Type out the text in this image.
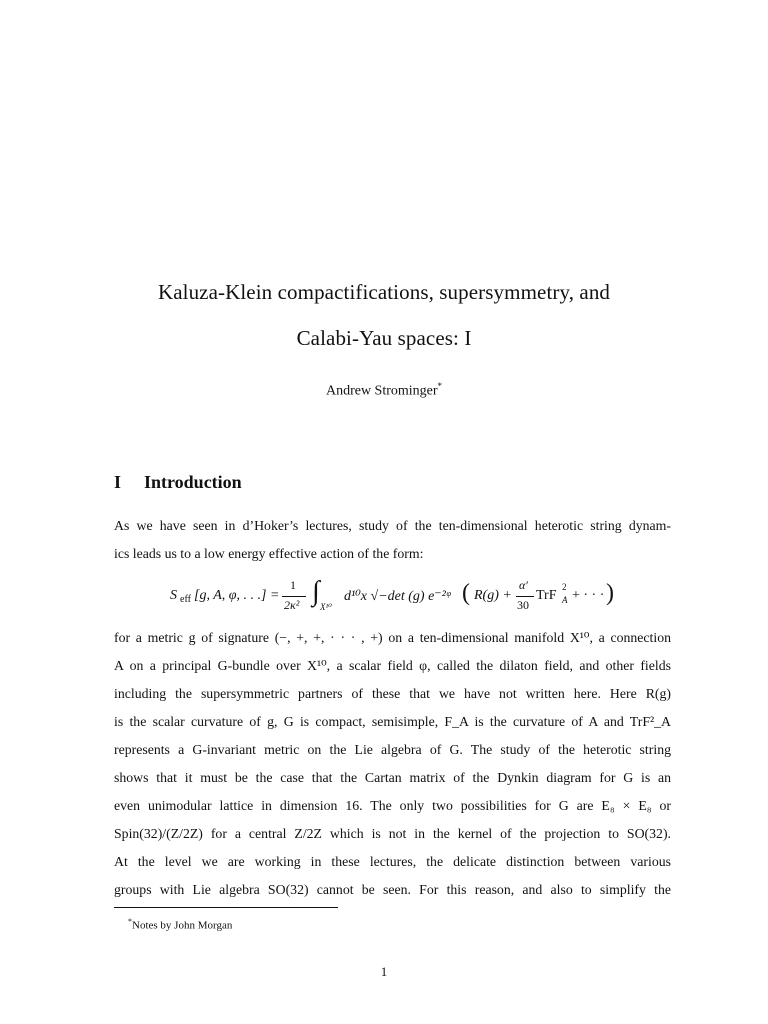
Kaluza-Klein compactifications, supersymmetry, and
Calabi-Yau spaces: I
Andrew Strominger*
I Introduction
As we have seen in d’Hoker’s lectures, study of the ten-dimensional heterotic string dynam-
ics leads us to a low energy effective action of the form:
S eff [g, A, φ, . . .] =
1
2κ² ∫ X¹⁰
d¹⁰x √−det (g) e⁻²ᵠ ( R(g) +
α′
30
TrF A
2
+ · · · )
for a metric g of signature (−, +, +, · · · , +) on a ten-dimensional manifold X¹⁰, a connection
A on a principal G-bundle over X¹⁰, a scalar field φ, called the dilaton field, and other fields
including the supersymmetric partners of these that we have not written here. Here R(g)
is the scalar curvature of g, G is compact, semisimple, F_A is the curvature of A and TrF²_A
represents a G-invariant metric on the Lie algebra of G. The study of the heterotic string
shows that it must be the case that the Cartan matrix of the Dynkin diagram for G is an
even unimodular lattice in dimension 16. The only two possibilities for G are E₈ × E₈ or
Spin(32)/(Z/2Z) for a central Z/2Z which is not in the kernel of the projection to SO(32).
At the level we are working in these lectures, the delicate distinction between various
groups with Lie algebra SO(32) cannot be seen. For this reason, and also to simplify the
*Notes by John Morgan
1
